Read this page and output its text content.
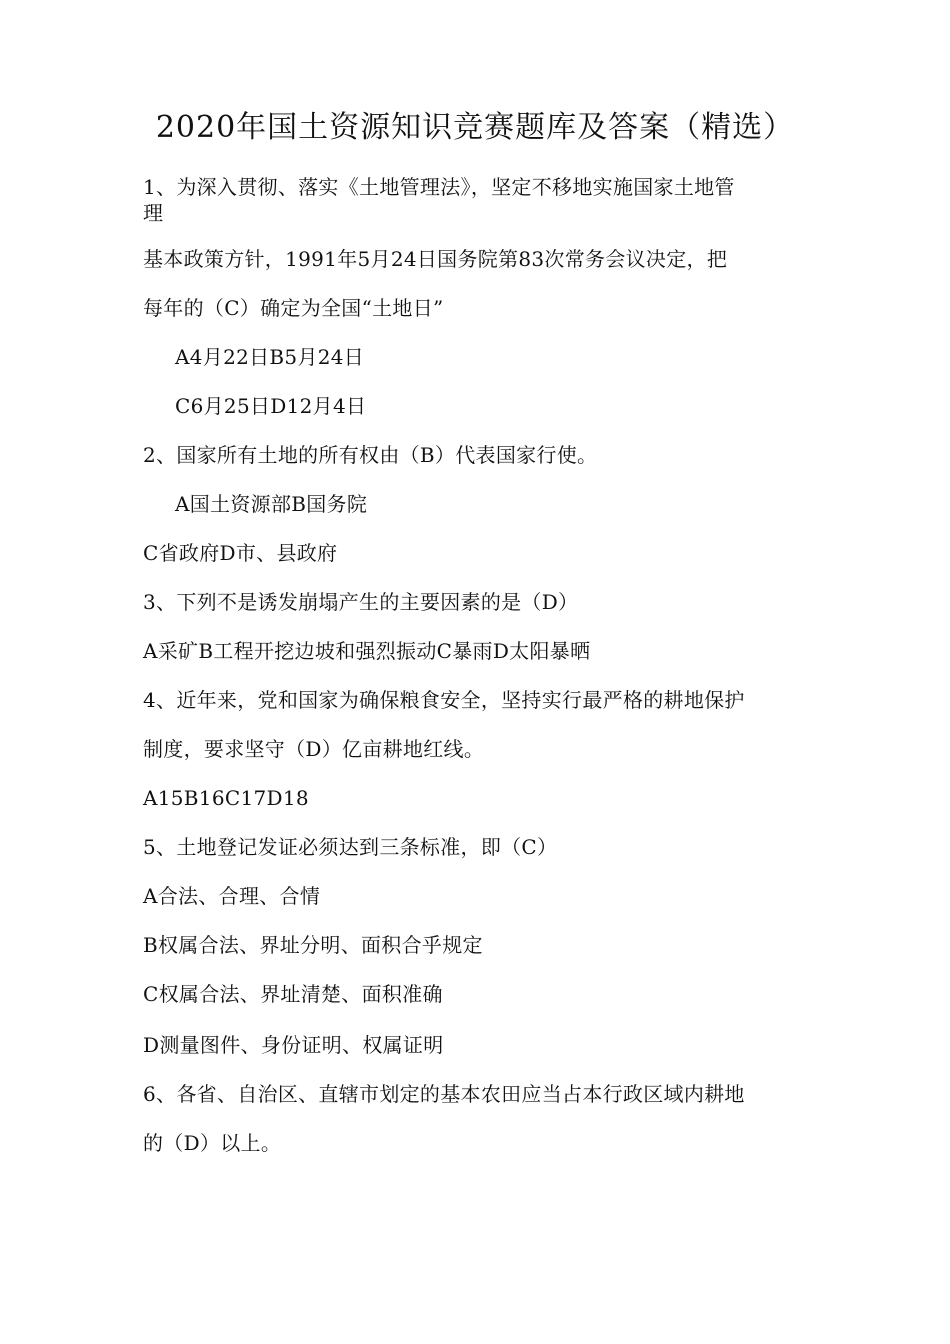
2020年国土资源知识竞赛题库及答案（精选）
1、为深入贯彻、落实《土地管理法》，坚定不移地实施国家土地管
理
基本政策方针，1991年5月24日国务院第83次常务会议决定，把
每年的（C）确定为全国“土地日”
A4月22日B5月24日
C6月25日D12月4日
2、国家所有土地的所有权由（B）代表国家行使。
A国土资源部B国务院
C省政府D市、县政府
3、下列不是诱发崩塌产生的主要因素的是（D）
A采矿B工程开挖边坡和强烈振动C暴雨D太阳暴晒
4、近年来，党和国家为确保粮食安全，坚持实行最严格的耕地保护
制度，要求坚守（D）亿亩耕地红线。
A15B16C17D18
5、土地登记发证必须达到三条标准，即（C）
A合法、合理、合情
B权属合法、界址分明、面积合乎规定
C权属合法、界址清楚、面积准确
D测量图件、身份证明、权属证明
6、各省、自治区、直辖市划定的基本农田应当占本行政区域内耕地
的（D）以上。
